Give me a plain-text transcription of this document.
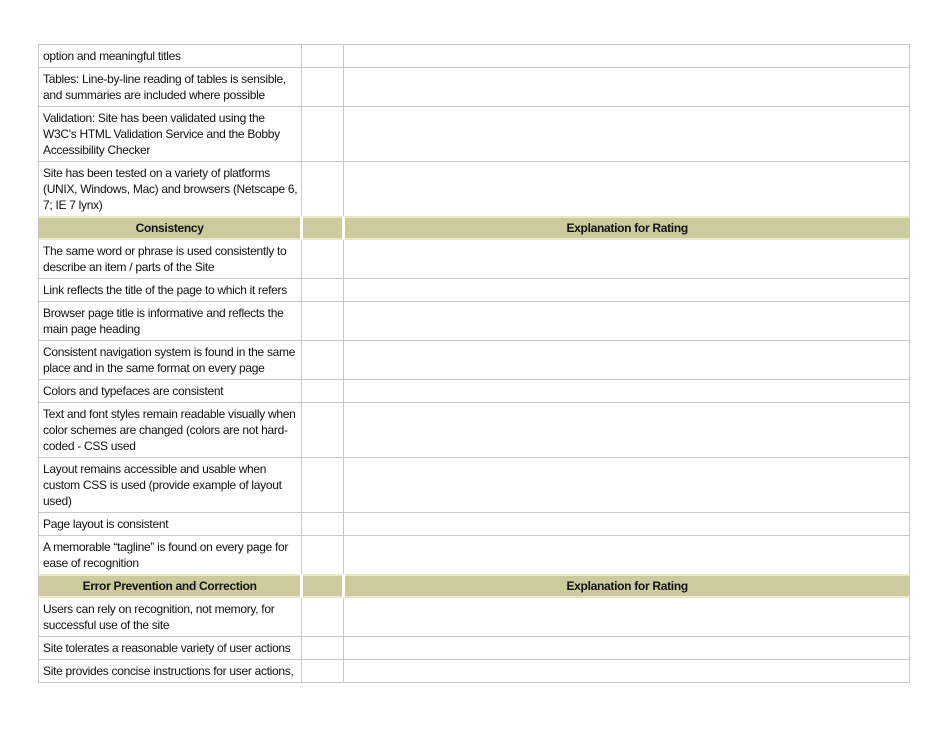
option and meaningful titles		
Tables: Line-by-line reading of tables is sensible, and summaries are included where possible		
Validation: Site has been validated using the W3C's HTML Validation Service and the Bobby Accessibility Checker		
Site has been tested on a variety of platforms (UNIX, Windows, Mac) and browsers (Netscape 6, 7; IE 7 lynx)		
Consistency		Explanation for Rating
The same word or phrase is used consistently to describe an item / parts of the Site		
Link reflects the title of the page to which it refers		
Browser page title is informative and reflects the main page heading		
Consistent navigation system is found in the same place and in the same format on every page		
Colors and typefaces are consistent		
Text and font styles remain readable visually when color schemes are changed (colors are not hard-coded - CSS used		
Layout remains accessible and usable when custom CSS is used (provide example of layout used)		
Page layout is consistent		
A memorable “tagline” is found on every page for ease of recognition		
Error Prevention and Correction		Explanation for Rating
Users can rely on recognition, not memory, for successful use of the site		
Site tolerates a reasonable variety of user actions		
Site provides concise instructions for user actions,		
